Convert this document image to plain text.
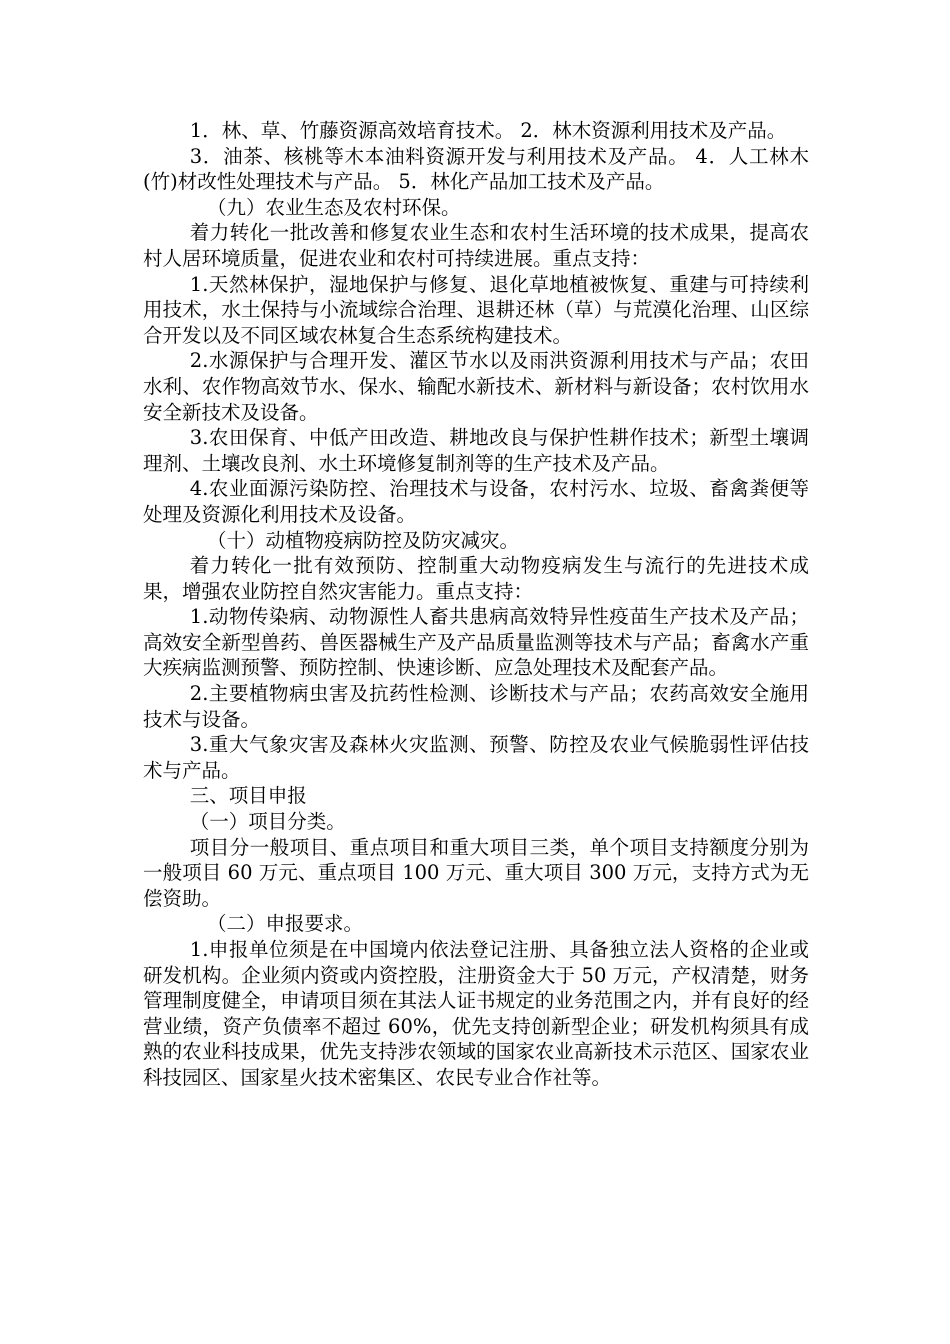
1．林、草、竹藤资源高效培育技术。 2．林木资源利用技术及产品。

3．油茶、核桃等木本油料资源开发与利用技术及产品。 4．人工林木(竹)材改性处理技术与产品。 5．林化产品加工技术及产品。

（九）农业生态及农村环保。

着力转化一批改善和修复农业生态和农村生活环境的技术成果，提高农村人居环境质量，促进农业和农村可持续进展。重点支持：

1.天然林保护，湿地保护与修复、退化草地植被恢复、重建与可持续利用技术，水土保持与小流域综合治理、退耕还林（草）与荒漠化治理、山区综合开发以及不同区域农林复合生态系统构建技术。

2.水源保护与合理开发、灌区节水以及雨洪资源利用技术与产品；农田水利、农作物高效节水、保水、输配水新技术、新材料与新设备；农村饮用水安全新技术及设备。

3.农田保育、中低产田改造、耕地改良与保护性耕作技术；新型土壤调理剂、土壤改良剂、水土环境修复制剂等的生产技术及产品。

4.农业面源污染防控、治理技术与设备，农村污水、垃圾、畜禽粪便等处理及资源化利用技术及设备。

（十）动植物疫病防控及防灾减灾。

着力转化一批有效预防、控制重大动物疫病发生与流行的先进技术成果，增强农业防控自然灾害能力。重点支持：

1.动物传染病、动物源性人畜共患病高效特异性疫苗生产技术及产品；高效安全新型兽药、兽医器械生产及产品质量监测等技术与产品；畜禽水产重大疾病监测预警、预防控制、快速诊断、应急处理技术及配套产品。

2.主要植物病虫害及抗药性检测、诊断技术与产品；农药高效安全施用技术与设备。

3.重大气象灾害及森林火灾监测、预警、防控及农业气候脆弱性评估技术与产品。

三、项目申报

（一）项目分类。

项目分一般项目、重点项目和重大项目三类，单个项目支持额度分别为一般项目 60 万元、重点项目 100 万元、重大项目 300 万元，支持方式为无偿资助。

（二）申报要求。

1.申报单位须是在中国境内依法登记注册、具备独立法人资格的企业或研发机构。企业须内资或内资控股，注册资金大于 50 万元，产权清楚，财务管理制度健全，申请项目须在其法人证书规定的业务范围之内，并有良好的经营业绩，资产负债率不超过 60%，优先支持创新型企业；研发机构须具有成熟的农业科技成果，优先支持涉农领域的国家农业高新技术示范区、国家农业科技园区、国家星火技术密集区、农民专业合作社等。
